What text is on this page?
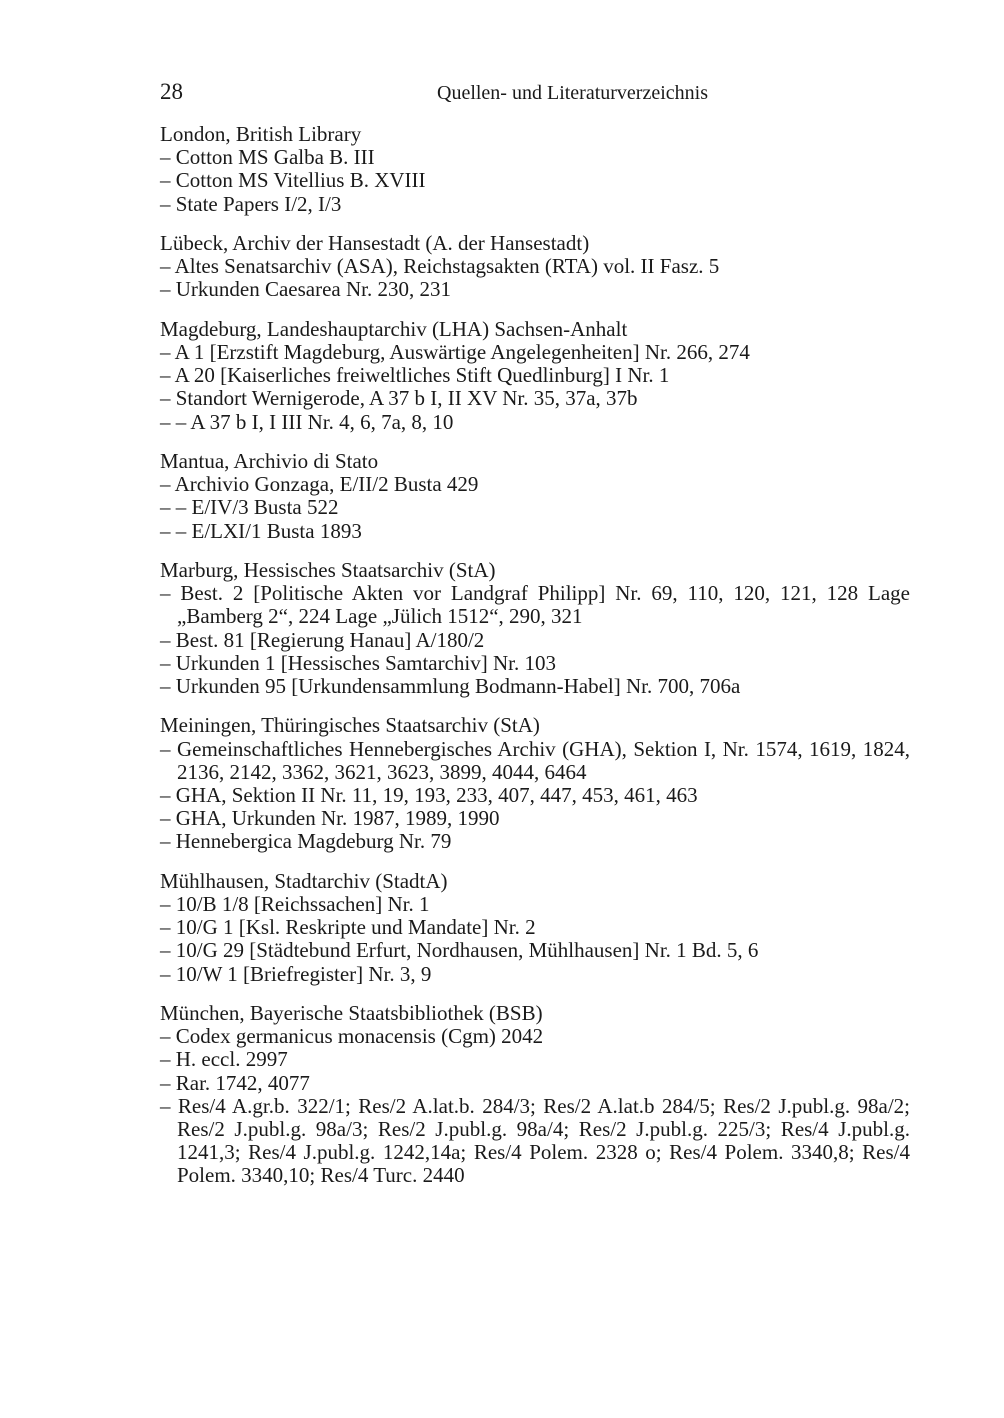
28	Quellen- und Literaturverzeichnis
London, British Library
– Cotton MS Galba B. III
– Cotton MS Vitellius B. XVIII
– State Papers I/2, I/3
Lübeck, Archiv der Hansestadt (A. der Hansestadt)
– Altes Senatsarchiv (ASA), Reichstagsakten (RTA) vol. II Fasz. 5
– Urkunden Caesarea Nr. 230, 231
Magdeburg, Landeshauptarchiv (LHA) Sachsen-Anhalt
– A 1 [Erzstift Magdeburg, Auswärtige Angelegenheiten] Nr. 266, 274
– A 20 [Kaiserliches freiweltliches Stift Quedlinburg] I Nr. 1
– Standort Wernigerode, A 37 b I, II XV Nr. 35, 37a, 37b
– – A 37 b I, I III Nr. 4, 6, 7a, 8, 10
Mantua, Archivio di Stato
– Archivio Gonzaga, E/II/2 Busta 429
– – E/IV/3 Busta 522
– – E/LXI/1 Busta 1893
Marburg, Hessisches Staatsarchiv (StA)
– Best. 2 [Politische Akten vor Landgraf Philipp] Nr. 69, 110, 120, 121, 128 Lage „Bamberg 2“, 224 Lage „Jülich 1512“, 290, 321
– Best. 81 [Regierung Hanau] A/180/2
– Urkunden 1 [Hessisches Samtarchiv] Nr. 103
– Urkunden 95 [Urkundensammlung Bodmann-Habel] Nr. 700, 706a
Meiningen, Thüringisches Staatsarchiv (StA)
– Gemeinschaftliches Hennebergisches Archiv (GHA), Sektion I, Nr. 1574, 1619, 1824, 2136, 2142, 3362, 3621, 3623, 3899, 4044, 6464
– GHA, Sektion II Nr. 11, 19, 193, 233, 407, 447, 453, 461, 463
– GHA, Urkunden Nr. 1987, 1989, 1990
– Hennebergica Magdeburg Nr. 79
Mühlhausen, Stadtarchiv (StadtA)
– 10/B 1/8 [Reichssachen] Nr. 1
– 10/G 1 [Ksl. Reskripte und Mandate] Nr. 2
– 10/G 29 [Städtebund Erfurt, Nordhausen, Mühlhausen] Nr. 1 Bd. 5, 6
– 10/W 1 [Briefregister] Nr. 3, 9
München, Bayerische Staatsbibliothek (BSB)
– Codex germanicus monacensis (Cgm) 2042
– H. eccl. 2997
– Rar. 1742, 4077
– Res/4 A.gr.b. 322/1; Res/2 A.lat.b. 284/3; Res/2 A.lat.b 284/5; Res/2 J.publ.g. 98a/2; Res/2 J.publ.g. 98a/3; Res/2 J.publ.g. 98a/4; Res/2 J.publ.g. 225/3; Res/4 J.publ.g. 1241,3; Res/4 J.publ.g. 1242,14a; Res/4 Polem. 2328 o; Res/4 Polem. 3340,8; Res/4 Polem. 3340,10; Res/4 Turc. 2440
